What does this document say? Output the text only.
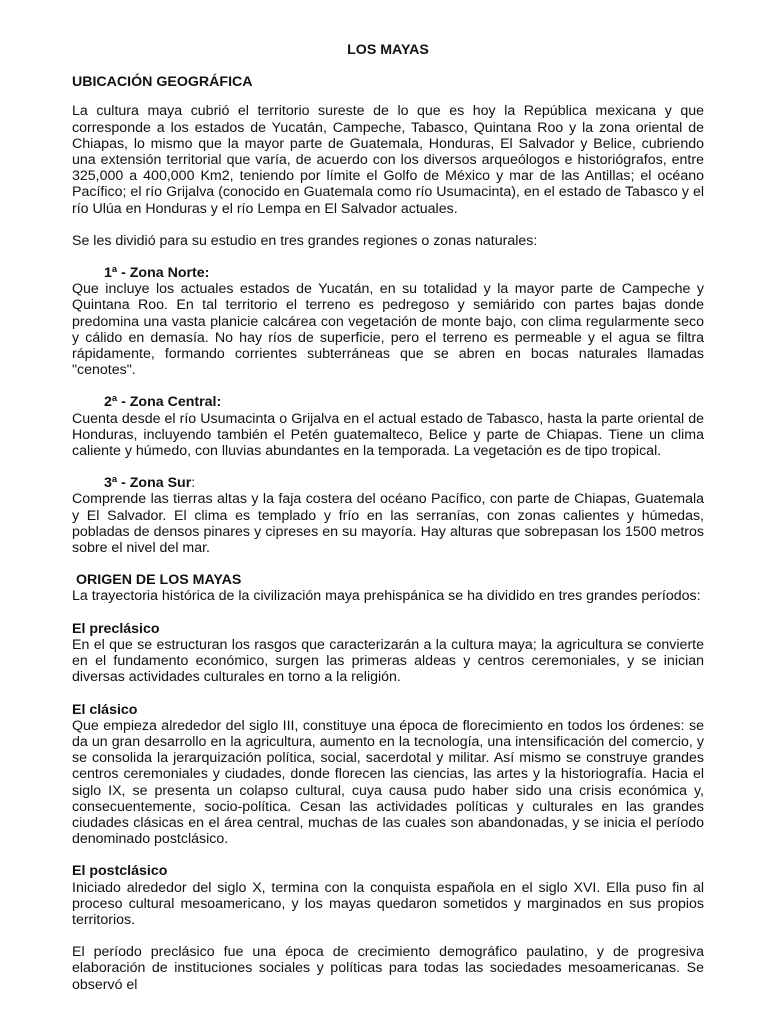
LOS MAYAS
UBICACIÓN GEOGRÁFICA

La cultura maya cubrió el territorio sureste de lo que es hoy la República mexicana y que corresponde a los estados de Yucatán, Campeche, Tabasco, Quintana Roo y la zona oriental de Chiapas, lo mismo que la mayor parte de Guatemala, Honduras, El Salvador y Belice, cubriendo una extensión territorial que varía, de acuerdo con los diversos arqueólogos e historiógrafos, entre 325,000 a 400,000 Km2, teniendo por límite el Golfo de México y mar de las Antillas; el océano Pacífico; el río Grijalva (conocido en Guatemala como río Usumacinta), en el estado de Tabasco y el río Ulúa en Honduras y el río Lempa en El Salvador actuales.

Se les dividió para su estudio en tres grandes regiones o zonas naturales:

1ª - Zona Norte:

Que incluye los actuales estados de Yucatán, en su totalidad y la mayor parte de Campeche y Quintana Roo. En tal territorio el terreno es pedregoso y semiárido con partes bajas donde predomina una vasta planicie calcárea con vegetación de monte bajo, con clima regularmente seco y cálido en demasía. No hay ríos de superficie, pero el terreno es permeable y el agua se filtra rápidamente, formando corrientes subterráneas que se abren en bocas naturales llamadas "cenotes".

2ª - Zona Central:

Cuenta desde el río Usumacinta o Grijalva en el actual estado de Tabasco, hasta la parte oriental de Honduras, incluyendo también el Petén guatemalteco, Belice y parte de Chiapas. Tiene un clima caliente y húmedo, con lluvias abundantes en la temporada. La vegetación es de tipo tropical.

3ª - Zona Sur:

Comprende las tierras altas y la faja costera del océano Pacífico, con parte de Chiapas, Guatemala y El Salvador. El clima es templado y frío en las serranías, con zonas calientes y húmedas, pobladas de densos pinares y cipreses en su mayoría. Hay alturas que sobrepasan los 1500 metros sobre el nivel del mar.

ORIGEN DE LOS MAYAS

La trayectoria histórica de la civilización maya prehispánica se ha dividido en tres grandes períodos:

El preclásico

En el que se estructuran los rasgos que caracterizarán a la cultura maya; la agricultura se convierte en el fundamento económico, surgen las primeras aldeas y centros ceremoniales, y se inician diversas actividades culturales en torno a la religión.

El clásico

Que empieza alrededor del siglo III, constituye una época de florecimiento en todos los órdenes: se da un gran desarrollo en la agricultura, aumento en la tecnología, una intensificación del comercio, y se consolida la jerarquización política, social, sacerdotal y militar. Así mismo se construye grandes centros ceremoniales y ciudades, donde florecen las ciencias, las artes y la historiografía. Hacia el siglo IX, se presenta un colapso cultural, cuya causa pudo haber sido una crisis económica y, consecuentemente, socio-política. Cesan las actividades políticas y culturales en las grandes ciudades clásicas en el área central, muchas de las cuales son abandonadas, y se inicia el período denominado postclásico.

El postclásico

Iniciado alrededor del siglo X, termina con la conquista española en el siglo XVI. Ella puso fin al proceso cultural mesoamericano, y los mayas quedaron sometidos y marginados en sus propios territorios.

El período preclásico fue una época de crecimiento demográfico paulatino, y de progresiva elaboración de instituciones sociales y políticas para todas las sociedades mesoamericanas. Se observó el
